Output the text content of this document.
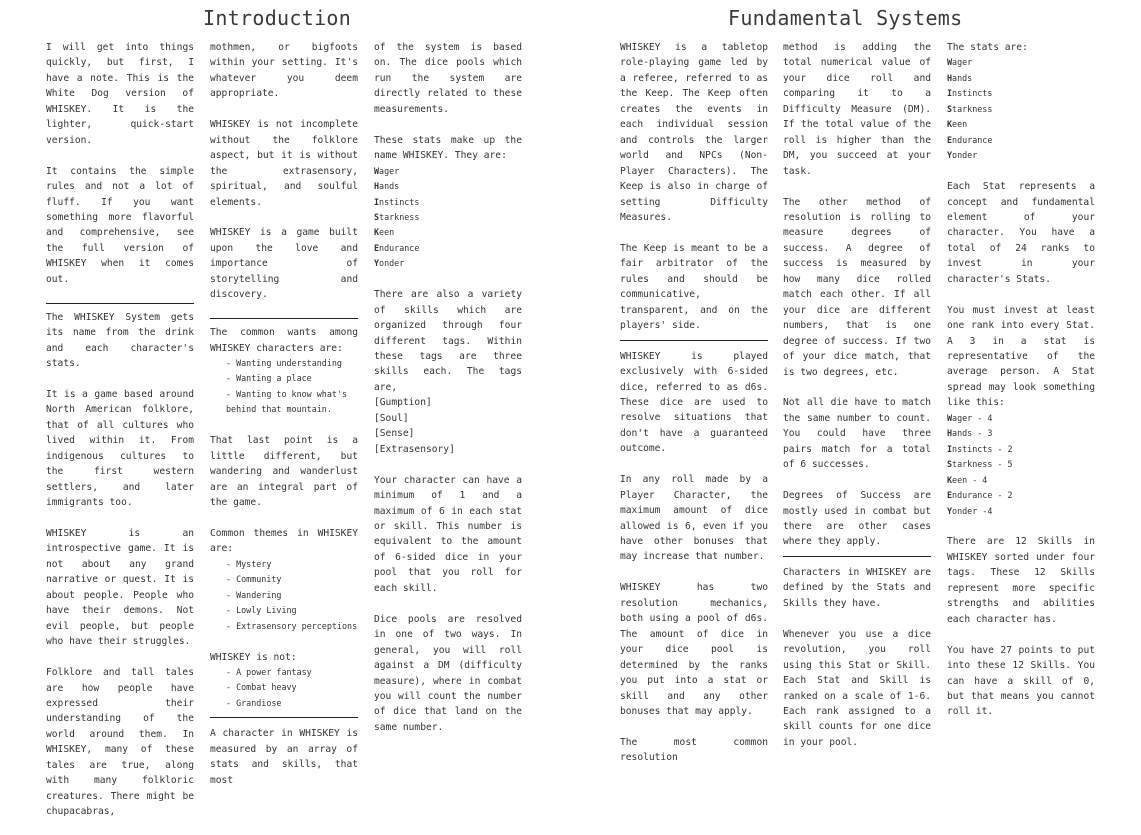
Introduction

I will get into things quickly, but first, I have a note. This is the White Dog version of WHISKEY. It is the lighter, quick-start version.

It contains the simple rules and not a lot of fluff. If you want something more flavorful and comprehensive, see the full version of WHISKEY when it comes out.

The WHISKEY System gets its name from the drink and each character's stats.

It is a game based around North American folklore, that of all cultures who lived within it. From indigenous cultures to the first western settlers, and later immigrants too.

WHISKEY is an introspective game. It is not about any grand narrative or quest. It is about people. People who have their demons. Not evil people, but people who have their struggles.

Folklore and tall tales are how people have expressed their understanding of the world around them. In WHISKEY, many of these tales are true, along with many folkloric creatures. There might be chupacabras,

mothmen, or bigfoots within your setting. It's whatever you deem appropriate.

WHISKEY is not incomplete without the folklore aspect, but it is without the extrasensory, spiritual, and soulful elements.

WHISKEY is a game built upon the love and importance of storytelling and discovery.

The common wants among WHISKEY characters are:

- Wanting understanding
- Wanting a place
- Wanting to know what's behind that mountain.

That last point is a little different, but wandering and wanderlust are an integral part of the game.

Common themes in WHISKEY are:

- Mystery
- Community
- Wandering
- Lowly Living
- Extrasensory perceptions

WHISKEY is not:

- A power fantasy
- Combat heavy
- Grandiose

A character in WHISKEY is measured by an array of stats and skills, that most

of the system is based on. The dice pools which run the system are directly related to these measurements.

These stats make up the name WHISKEY. They are:

Wager
Hands
Instincts
Starkness
Keen
Endurance
Yonder

There are also a variety of skills which are organized through four different tags. Within these tags are three skills each. The tags are,

[Gumption]
[Soul]
[Sense]
[Extrasensory]

Your character can have a minimum of 1 and a maximum of 6 in each stat or skill. This number is equivalent to the amount of 6-sided dice in your pool that you roll for each skill.

Dice pools are resolved in one of two ways. In general, you will roll against a DM (difficulty measure), where in combat you will count the number of dice that land on the same number.

Fundamental Systems

WHISKEY is a tabletop role-playing game led by a referee, referred to as the Keep. The Keep often creates the events in each individual session and controls the larger world and NPCs (Non-Player Characters). The Keep is also in charge of setting Difficulty Measures.

The Keep is meant to be a fair arbitrator of the rules and should be communicative, transparent, and on the players' side.

WHISKEY is played exclusively with 6-sided dice, referred to as d6s. These dice are used to resolve situations that don't have a guaranteed outcome.

In any roll made by a Player Character, the maximum amount of dice allowed is 6, even if you have other bonuses that may increase that number.

WHISKEY has two resolution mechanics, both using a pool of d6s. The amount of dice in your dice pool is determined by the ranks you put into a stat or skill and any other bonuses that may apply.

The most common resolution

method is adding the total numerical value of your dice roll and comparing it to a Difficulty Measure (DM). If the total value of the roll is higher than the DM, you succeed at your task.

The other method of resolution is rolling to measure degrees of success. A degree of success is measured by how many dice rolled match each other. If all your dice are different numbers, that is one degree of success. If two of your dice match, that is two degrees, etc.

Not all die have to match the same number to count. You could have three pairs match for a total of 6 successes.

Degrees of Success are mostly used in combat but there are other cases where they apply.

Characters in WHISKEY are defined by the Stats and Skills they have.

Whenever you use a dice revolution, you roll using this Stat or Skill. Each Stat and Skill is ranked on a scale of 1-6. Each rank assigned to a skill counts for one dice in your pool.

The stats are:

Wager
Hands
Instincts
Starkness
Keen
Endurance
Yonder

Each Stat represents a concept and fundamental element of your character. You have a total of 24 ranks to invest in your character's Stats.

You must invest at least one rank into every Stat. A 3 in a stat is representative of the average person. A Stat spread may look something like this:

Wager - 4
Hands - 3
Instincts - 2
Starkness - 5
Keen - 4
Endurance - 2
Yonder -4

There are 12 Skills in WHISKEY sorted under four tags. These 12 Skills represent more specific strengths and abilities each character has.

You have 27 points to put into these 12 Skills. You can have a skill of 0, but that means you cannot roll it.
